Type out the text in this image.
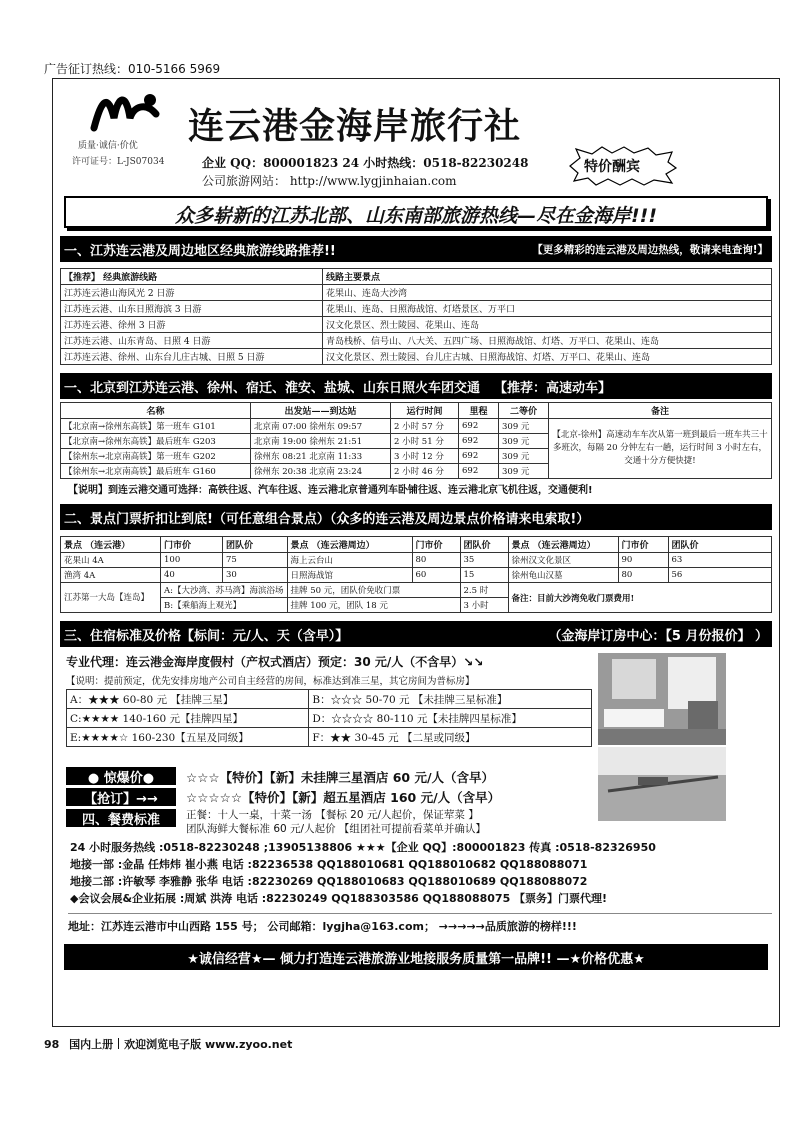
广告征订热线：010-5166 5969
质量·诚信·价优
许可证号：L-JS07034
连云港金海岸旅行社
企业 QQ：800001823 24 小时热线：0518-82230248
公司旅游网站： http://www.lygjinhaian.com
特价酬宾
众多崭新的江苏北部、山东南部旅游热线—尽在金海岸!!!
一、江苏连云港及周边地区经典旅游线路推荐!!	【更多精彩的连云港及周边热线，敬请来电查询!】
【推荐】 经典旅游线路	线路主要景点
江苏连云港山海风光 2 日游	花果山、连岛大沙湾
江苏连云港、山东日照海滨 3 日游	花果山、连岛、日照海战馆、灯塔景区、万平口
江苏连云港、徐州 3 日游	汉文化景区、烈士陵园、花果山、连岛
江苏连云港、山东青岛、日照 4 日游	青岛栈桥、信号山、八大关、五四广场、日照海战馆、灯塔、万平口、花果山、连岛
江苏连云港、徐州、山东台儿庄古城、日照 5 日游	汉文化景区、烈士陵园、台儿庄古城、日照海战馆、灯塔、万平口、花果山、连岛
一、北京到江苏连云港、徐州、宿迁、淮安、盐城、山东日照火车团交通 【推荐：高速动车】
名称	出发站——到达站	运行时间	里程	二等价	备注
【北京南→徐州东高铁】第一班车 G101	北京南 07:00 徐州东 09:57	2 小时 57 分	692	309 元	【北京-徐州】高速动车车次从第一班到最后一班车共三十多班次，每隔 20 分钟左右一趟，运行时间 3 小时左右，交通十分方便快捷!
【北京南→徐州东高铁】最后班车 G203	北京南 19:00 徐州东 21:51	2 小时 51 分	692	309 元	
【徐州东→北京南高铁】第一班车 G202	徐州东 08:21 北京南 11:33	3 小时 12 分	692	309 元	
【徐州东→北京南高铁】最后班车 G160	徐州东 20:38 北京南 23:24	2 小时 46 分	692	309 元	
【说明】到连云港交通可选择：高铁往返、汽车往返、连云港北京普通列车卧铺往返、连云港北京飞机往返，交通便利!
二、景点门票折扣让到底!（可任意组合景点）（众多的连云港及周边景点价格请来电索取!）
景点 （连云港）	门市价	团队价	景点 （连云港周边）	门市价	团队价	景点 （连云港周边）	门市价	团队价
花果山 4A	100	75	海上云台山	80	35	徐州汉文化景区	90	63
渔湾 4A	40	30	日照海战馆	60	15	徐州龟山汉墓	80	56
江苏第一大岛【连岛】	A:【大沙湾、苏马湾】海滨浴场		挂牌 50 元，团队价免收门票		2.5 时	备注：目前大沙湾免收门票费用!		
	B:【乘船海上观光】		挂牌 100 元，团队 18 元		3 小时			
三、住宿标准及价格【标间：元/人、天（含早）】	（金海岸订房中心：【5 月份报价】 ）
专业代理：连云港金海岸度假村（产权式酒店）预定：30 元/人（不含早）↘↘
【说明：提前预定，优先安排房地产公司自主经营的房间，标准达到准三星，其它房间为普标房】
A：★★★ 60-80 元 【挂牌三星】	B：☆☆☆ 50-70 元 【未挂牌三星标准】
C:★★★★ 140-160 元【挂牌四星】	D：☆☆☆☆ 80-110 元【未挂牌四星标准】
E:★★★★☆ 160-230【五星及同级】	F：★★ 30-45 元 【二星或同级】
● 惊爆价●
【抢订】→→
四、餐费标准
☆☆☆【特价】【新】未挂牌三星酒店 60 元/人（含早）
☆☆☆☆☆【特价】【新】超五星酒店 160 元/人（含早）
正餐：十人一桌，十菜一汤 【餐标 20 元/人起价，保证荤菜 】
团队海鲜大餐标准 60 元/人起价 【组团社可提前看菜单并确认】
24 小时服务热线 :0518-82230248 ;13905138806 ★★★【企业 QQ】:800001823 传真 :0518-82326950
地接一部 :金晶 任炜炜 崔小燕 电话 :82236538 QQ188010681 QQ188010682 QQ188088071
地接二部 :许敏琴 李雅静 张华 电话 :82230269 QQ188010683 QQ188010689 QQ188088072
◆会议会展&企业拓展 :周斌 洪涛 电话 :82230249 QQ188303586 QQ188088075 【票务】门票代理!
地址：江苏连云港市中山西路 155 号； 公司邮箱：lygjha@163.com； →→→→→品质旅游的榜样!!!
★诚信经营★— 倾力打造连云港旅游业地接服务质量第一品牌!! —★价格优惠★
98 国内上册 欢迎浏览电子版 www.zyoo.net
